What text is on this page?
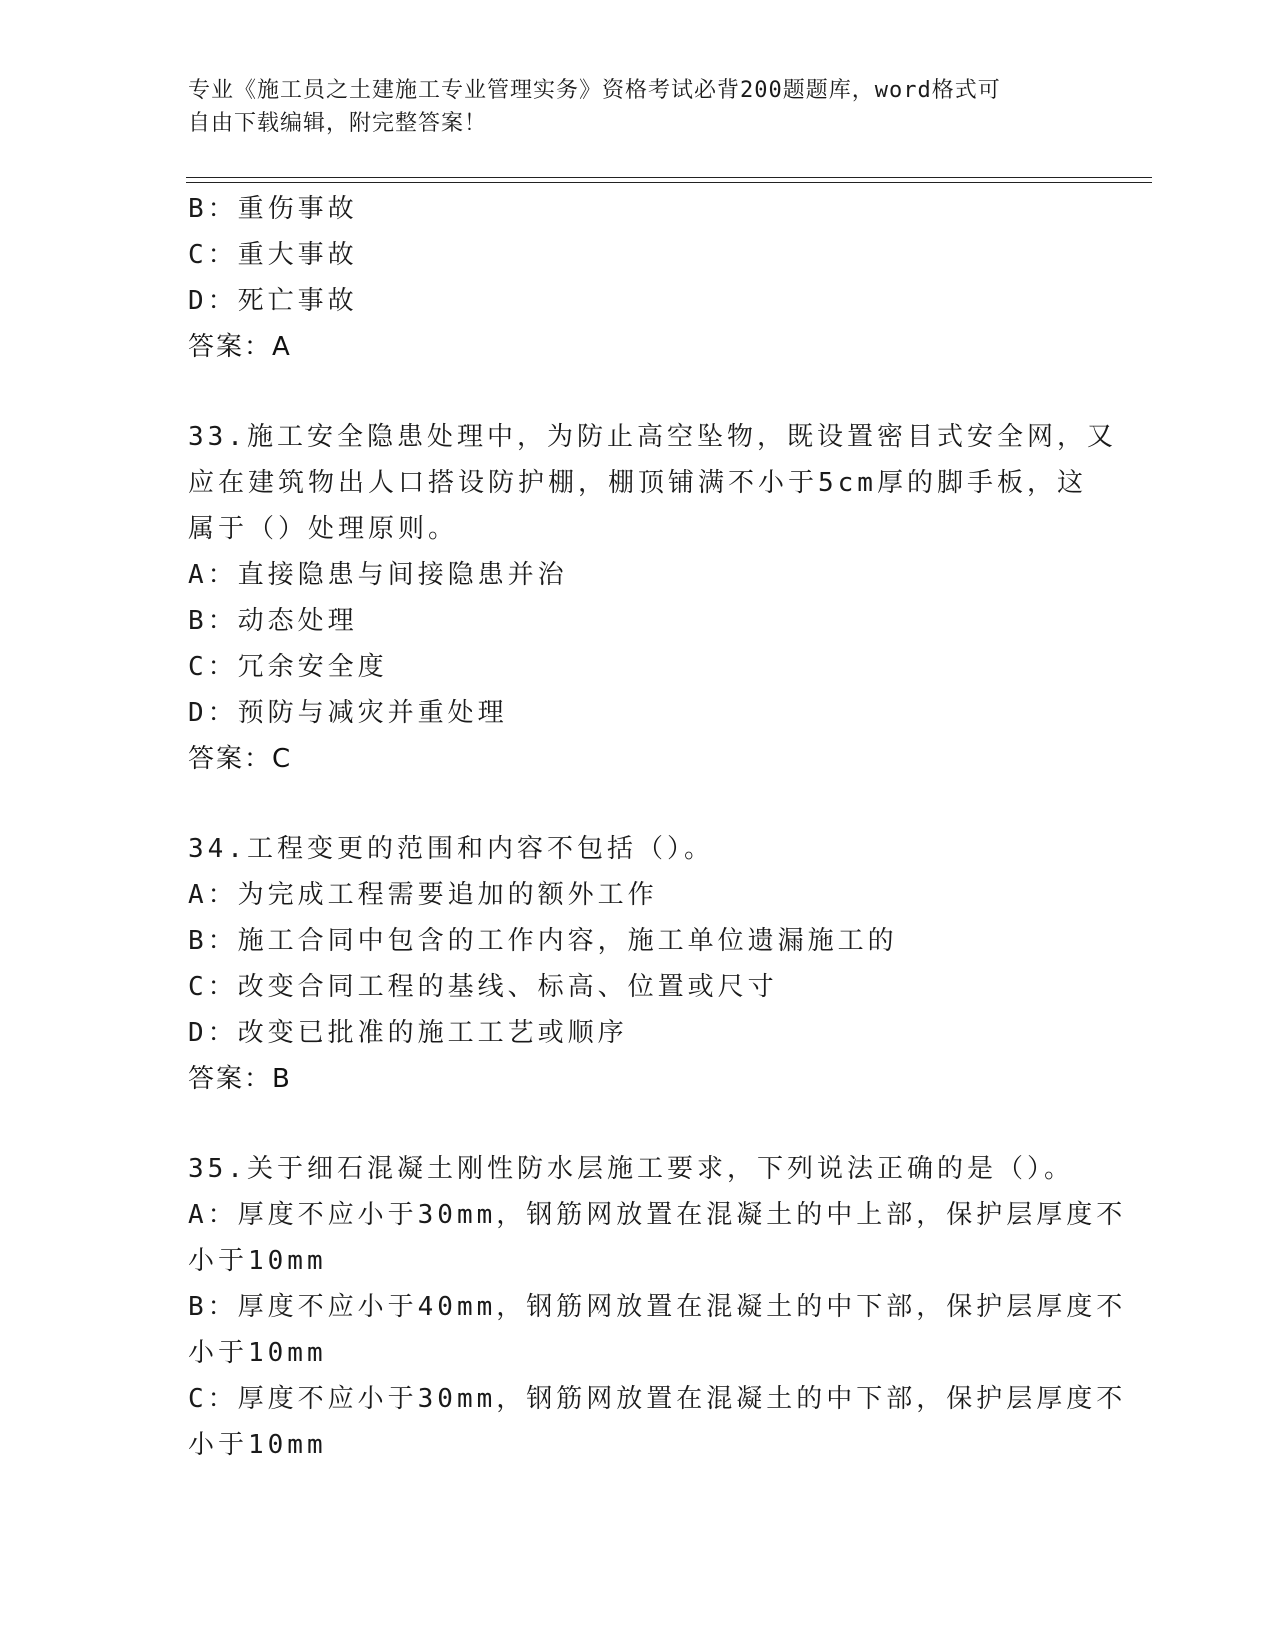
专业《施工员之土建施工专业管理实务》资格考试必背200题题库，word格式可
自由下载编辑，附完整答案！
B：重伤事故
C：重大事故
D：死亡事故
答案：A
33.施工安全隐患处理中，为防止高空坠物，既设置密目式安全网，又
应在建筑物出人口搭设防护棚，棚顶铺满不小于5cm厚的脚手板，这
属于（）处理原则。
A：直接隐患与间接隐患并治
B：动态处理
C：冗余安全度
D：预防与减灾并重处理
答案：C
34.工程变更的范围和内容不包括（）。
A：为完成工程需要追加的额外工作
B：施工合同中包含的工作内容，施工单位遗漏施工的
C：改变合同工程的基线、标高、位置或尺寸
D：改变已批准的施工工艺或顺序
答案：B
35.关于细石混凝土刚性防水层施工要求，下列说法正确的是（）。
A：厚度不应小于30mm，钢筋网放置在混凝土的中上部，保护层厚度不
小于10mm
B：厚度不应小于40mm，钢筋网放置在混凝土的中下部，保护层厚度不
小于10mm
C：厚度不应小于30mm，钢筋网放置在混凝土的中下部，保护层厚度不
小于10mm
